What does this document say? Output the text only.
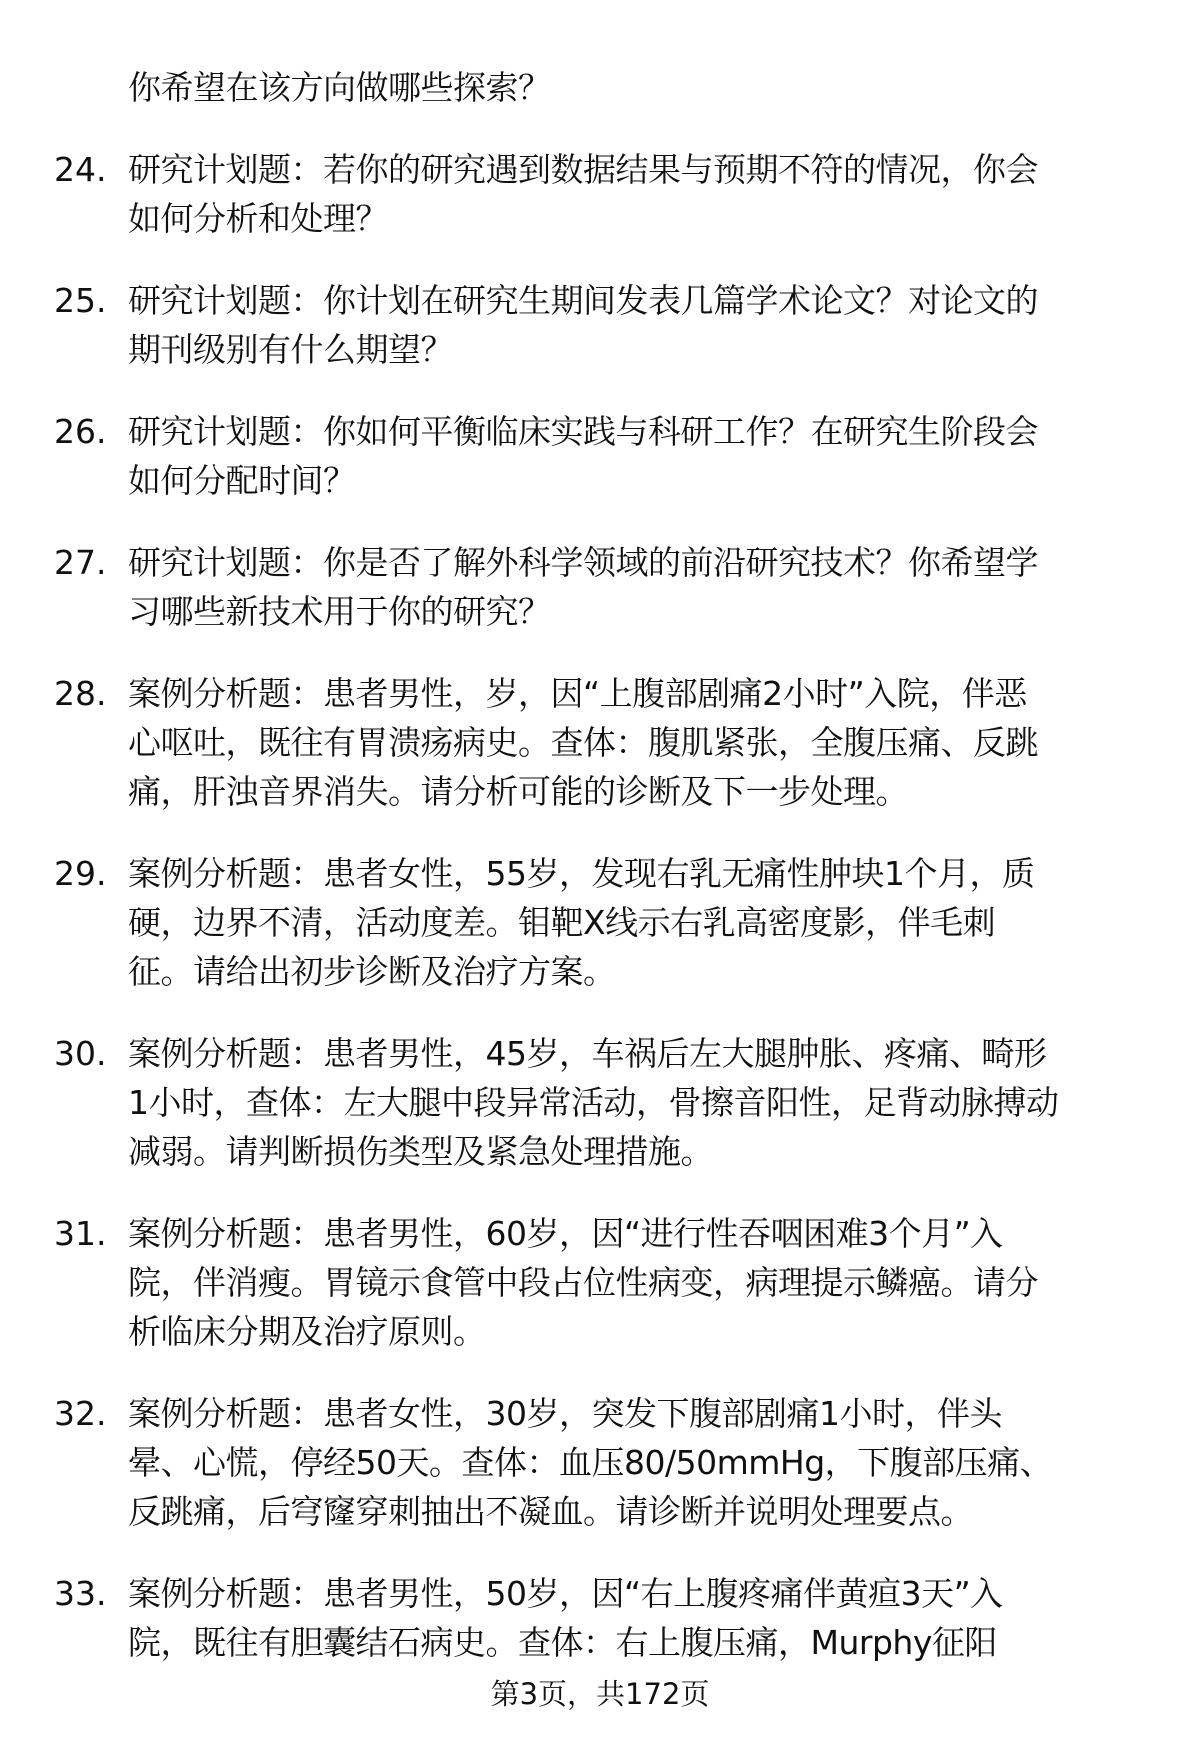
你希望在该方向做哪些探索？
24. 研究计划题：若你的研究遇到数据结果与预期不符的情况，你会
如何分析和处理？
25. 研究计划题：你计划在研究生期间发表几篇学术论文？对论文的
期刊级别有什么期望？
26. 研究计划题：你如何平衡临床实践与科研工作？在研究生阶段会
如何分配时间？
27. 研究计划题：你是否了解外科学领域的前沿研究技术？你希望学
习哪些新技术用于你的研究？
28. 案例分析题：患者男性，岁，因“上腹部剧痛2小时”入院，伴恶
心呕吐，既往有胃溃疡病史。查体：腹肌紧张，全腹压痛、反跳
痛，肝浊音界消失。请分析可能的诊断及下一步处理。
29. 案例分析题：患者女性，55岁，发现右乳无痛性肿块1个月，质
硬，边界不清，活动度差。钼靶X线示右乳高密度影，伴毛刺
征。请给出初步诊断及治疗方案。
30. 案例分析题：患者男性，45岁，车祸后左大腿肿胀、疼痛、畸形
1小时，查体：左大腿中段异常活动，骨擦音阳性，足背动脉搏动
减弱。请判断损伤类型及紧急处理措施。
31. 案例分析题：患者男性，60岁，因“进行性吞咽困难3个月”入
院，伴消瘦。胃镜示食管中段占位性病变，病理提示鳞癌。请分
析临床分期及治疗原则。
32. 案例分析题：患者女性，30岁，突发下腹部剧痛1小时，伴头
晕、心慌，停经50天。查体：血压80/50mmHg，下腹部压痛、
反跳痛，后穹窿穿刺抽出不凝血。请诊断并说明处理要点。
33. 案例分析题：患者男性，50岁，因“右上腹疼痛伴黄疸3天”入
院，既往有胆囊结石病史。查体：右上腹压痛，Murphy征阳
第3页，共172页
